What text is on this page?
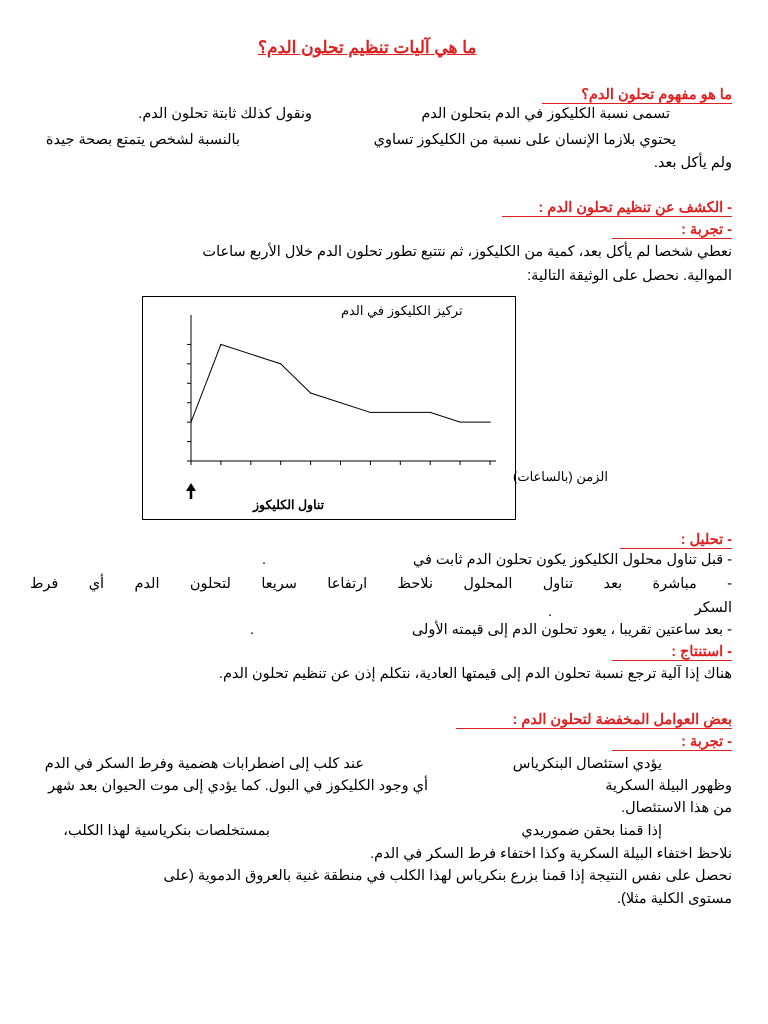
ما هي آليات تنظيم تحلون الدم؟
ما هو مفهوم تحلون الدم؟
تسمى نسبة الكليكوز في الدم بتحلون الدم
ونقول كذلك ثابتة تحلون الدم.
يحتوي بلازما الإنسان على نسبة من الكليكوز تساوي
بالنسبة لشخص يتمتع بصحة جيدة
ولم يأكل بعد.
- الكشف عن تنظيم تحلون الدم :
- تجربة :
نعطي شخصا لم يأكل بعد، كمية من الكليكوز، ثم نتتبع تطور تحلون الدم خلال الأربع ساعات
الموالية. نحصل على الوثيقة التالية:
تركيز الكليكوز في الدم
الزمن (بالساعات)
تناول الكليكوز
- تحليل :
- قبل تناول محلول الكليكوز يكون تحلون الدم ثابت في
.
- مباشرة بعد تناول المحلول نلاحظ ارتفاعا سريعا لتحلون الدم أي فرط
السكر
.
- بعد ساعتين تقريبا ، يعود تحلون الدم إلى قيمته الأولى
.
- استنتاج :
هناك إذا آلية ترجع نسبة تحلون الدم إلى قيمتها العادية، نتكلم إذن عن تنظيم تحلون الدم.
بعض العوامل المخفضة لتحلون الدم :
- تجربة :
يؤدي استئصال البنكرياس
عند كلب إلى اضطرابات هضمية وفرط السكر في الدم
وظهور البيلة السكرية
أي وجود الكليكوز في البول. كما يؤدي إلى موت الحيوان بعد شهر
من هذا الاستئصال.
إذا قمنا بحقن ضموريدي
بمستخلصات بنكرياسية لهذا الكلب،
نلاحظ اختفاء البيلة السكرية وكذا اختفاء فرط السكر في الدم.
نحصل على نفس النتيجة إذا قمنا بزرع بنكرياس لهذا الكلب في منطقة غنية بالعروق الدموية (على
مستوى الكلية مثلا).
